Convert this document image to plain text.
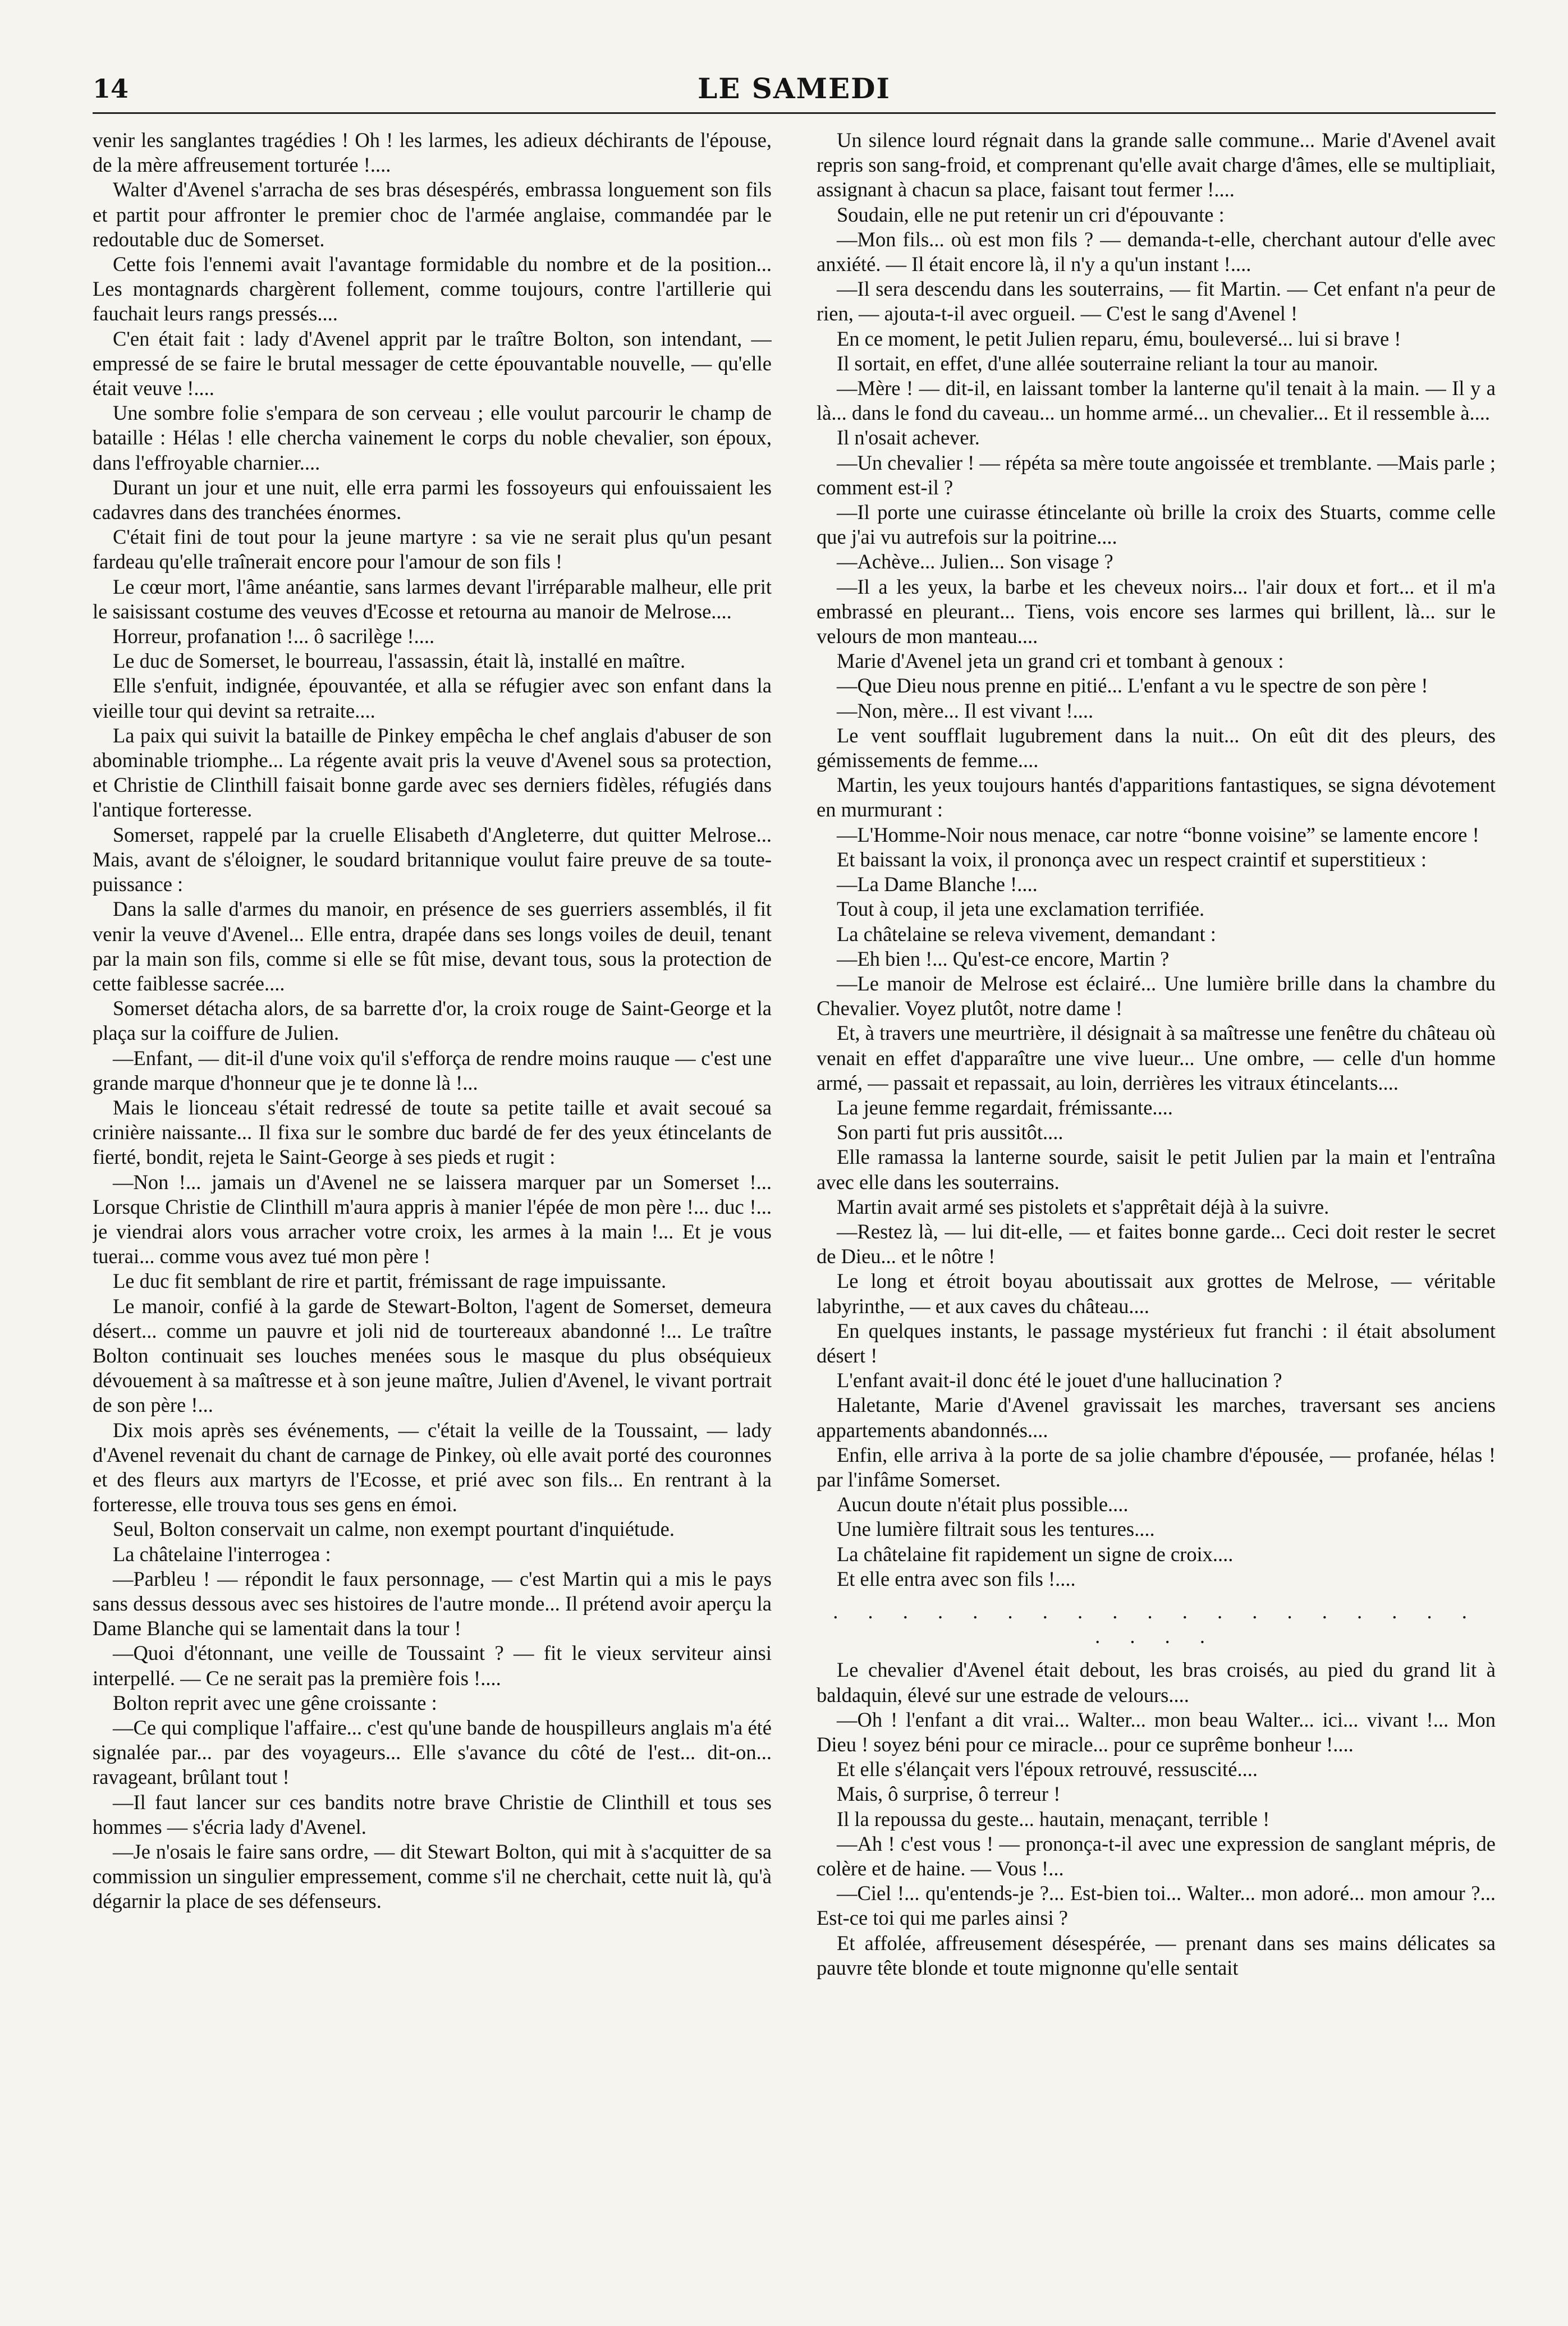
14	LE SAMEDI

venir les sanglantes tragédies ! Oh ! les larmes, les adieux déchirants de l'épouse, de la mère affreusement torturée !....

Walter d'Avenel s'arracha de ses bras désespérés, embrassa longuement son fils et partit pour affronter le premier choc de l'armée anglaise, commandée par le redoutable duc de Somerset.

Cette fois l'ennemi avait l'avantage formidable du nombre et de la position... Les montagnards chargèrent follement, comme toujours, contre l'artillerie qui fauchait leurs rangs pressés....

C'en était fait : lady d'Avenel apprit par le traître Bolton, son intendant, — empressé de se faire le brutal messager de cette épouvantable nouvelle, — qu'elle était veuve !....

Une sombre folie s'empara de son cerveau ; elle voulut parcourir le champ de bataille : Hélas ! elle chercha vainement le corps du noble chevalier, son époux, dans l'effroyable charnier....

Durant un jour et une nuit, elle erra parmi les fossoyeurs qui enfouissaient les cadavres dans des tranchées énormes.

C'était fini de tout pour la jeune martyre : sa vie ne serait plus qu'un pesant fardeau qu'elle traînerait encore pour l'amour de son fils !

Le cœur mort, l'âme anéantie, sans larmes devant l'irréparable malheur, elle prit le saisissant costume des veuves d'Ecosse et retourna au manoir de Melrose....

Horreur, profanation !... ô sacrilège !....

Le duc de Somerset, le bourreau, l'assassin, était là, installé en maître.

Elle s'enfuit, indignée, épouvantée, et alla se réfugier avec son enfant dans la vieille tour qui devint sa retraite....

La paix qui suivit la bataille de Pinkey empêcha le chef anglais d'abuser de son abominable triomphe... La régente avait pris la veuve d'Avenel sous sa protection, et Christie de Clinthill faisait bonne garde avec ses derniers fidèles, réfugiés dans l'antique forteresse.

Somerset, rappelé par la cruelle Elisabeth d'Angleterre, dut quitter Melrose... Mais, avant de s'éloigner, le soudard britannique voulut faire preuve de sa toute-puissance :

Dans la salle d'armes du manoir, en présence de ses guerriers assemblés, il fit venir la veuve d'Avenel... Elle entra, drapée dans ses longs voiles de deuil, tenant par la main son fils, comme si elle se fût mise, devant tous, sous la protection de cette faiblesse sacrée....

Somerset détacha alors, de sa barrette d'or, la croix rouge de Saint-George et la plaça sur la coiffure de Julien.

—Enfant, — dit-il d'une voix qu'il s'efforça de rendre moins rauque — c'est une grande marque d'honneur que je te donne là !...

Mais le lionceau s'était redressé de toute sa petite taille et avait secoué sa crinière naissante... Il fixa sur le sombre duc bardé de fer des yeux étincelants de fierté, bondit, rejeta le Saint-George à ses pieds et rugit :

—Non !... jamais un d'Avenel ne se laissera marquer par un Somerset !... Lorsque Christie de Clinthill m'aura appris à manier l'épée de mon père !... duc !... je viendrai alors vous arracher votre croix, les armes à la main !... Et je vous tuerai... comme vous avez tué mon père !

Le duc fit semblant de rire et partit, frémissant de rage impuissante.

Le manoir, confié à la garde de Stewart-Bolton, l'agent de Somerset, demeura désert... comme un pauvre et joli nid de tourtereaux abandonné !... Le traître Bolton continuait ses louches menées sous le masque du plus obséquieux dévouement à sa maîtresse et à son jeune maître, Julien d'Avenel, le vivant portrait de son père !...

Dix mois après ses événements, — c'était la veille de la Toussaint, — lady d'Avenel revenait du chant de carnage de Pinkey, où elle avait porté des couronnes et des fleurs aux martyrs de l'Ecosse, et prié avec son fils... En rentrant à la forteresse, elle trouva tous ses gens en émoi.

Seul, Bolton conservait un calme, non exempt pourtant d'inquiétude.

La châtelaine l'interrogea :

—Parbleu ! — répondit le faux personnage, — c'est Martin qui a mis le pays sans dessus dessous avec ses histoires de l'autre monde... Il prétend avoir aperçu la Dame Blanche qui se lamentait dans la tour !

—Quoi d'étonnant, une veille de Toussaint ? — fit le vieux serviteur ainsi interpellé. — Ce ne serait pas la première fois !....

Bolton reprit avec une gêne croissante :

—Ce qui complique l'affaire... c'est qu'une bande de houspilleurs anglais m'a été signalée par... par des voyageurs... Elle s'avance du côté de l'est... dit-on... ravageant, brûlant tout !

—Il faut lancer sur ces bandits notre brave Christie de Clinthill et tous ses hommes — s'écria lady d'Avenel.

—Je n'osais le faire sans ordre, — dit Stewart Bolton, qui mit à s'acquitter de sa commission un singulier empressement, comme s'il ne cherchait, cette nuit là, qu'à dégarnir la place de ses défenseurs.

Un silence lourd régnait dans la grande salle commune... Marie d'Avenel avait repris son sang-froid, et comprenant qu'elle avait charge d'âmes, elle se multipliait, assignant à chacun sa place, faisant tout fermer !....

Soudain, elle ne put retenir un cri d'épouvante :

—Mon fils... où est mon fils ? — demanda-t-elle, cherchant autour d'elle avec anxiété. — Il était encore là, il n'y a qu'un instant !....

—Il sera descendu dans les souterrains, — fit Martin. — Cet enfant n'a peur de rien, — ajouta-t-il avec orgueil. — C'est le sang d'Avenel !

En ce moment, le petit Julien reparu, ému, bouleversé... lui si brave !

Il sortait, en effet, d'une allée souterraine reliant la tour au manoir.

—Mère ! — dit-il, en laissant tomber la lanterne qu'il tenait à la main. — Il y a là... dans le fond du caveau... un homme armé... un chevalier... Et il ressemble à....

Il n'osait achever.

—Un chevalier ! — répéta sa mère toute angoissée et tremblante. —Mais parle ; comment est-il ?

—Il porte une cuirasse étincelante où brille la croix des Stuarts, comme celle que j'ai vu autrefois sur la poitrine....

—Achève... Julien... Son visage ?

—Il a les yeux, la barbe et les cheveux noirs... l'air doux et fort... et il m'a embrassé en pleurant... Tiens, vois encore ses larmes qui brillent, là... sur le velours de mon manteau....

Marie d'Avenel jeta un grand cri et tombant à genoux :

—Que Dieu nous prenne en pitié... L'enfant a vu le spectre de son père !

—Non, mère... Il est vivant !....

Le vent soufflait lugubrement dans la nuit... On eût dit des pleurs, des gémissements de femme....

Martin, les yeux toujours hantés d'apparitions fantastiques, se signa dévotement en murmurant :

—L'Homme-Noir nous menace, car notre “bonne voisine” se lamente encore !

Et baissant la voix, il prononça avec un respect craintif et superstitieux :

—La Dame Blanche !....

Tout à coup, il jeta une exclamation terrifiée.

La châtelaine se releva vivement, demandant :

—Eh bien !... Qu'est-ce encore, Martin ?

—Le manoir de Melrose est éclairé... Une lumière brille dans la chambre du Chevalier. Voyez plutôt, notre dame !

Et, à travers une meurtrière, il désignait à sa maîtresse une fenêtre du château où venait en effet d'apparaître une vive lueur... Une ombre, — celle d'un homme armé, — passait et repassait, au loin, derrières les vitraux étincelants....

La jeune femme regardait, frémissante....

Son parti fut pris aussitôt....

Elle ramassa la lanterne sourde, saisit le petit Julien par la main et l'entraîna avec elle dans les souterrains.

Martin avait armé ses pistolets et s'apprêtait déjà à la suivre.

—Restez là, — lui dit-elle, — et faites bonne garde... Ceci doit rester le secret de Dieu... et le nôtre !

Le long et étroit boyau aboutissait aux grottes de Melrose, — véritable labyrinthe, — et aux caves du château....

En quelques instants, le passage mystérieux fut franchi : il était absolument désert !

L'enfant avait-il donc été le jouet d'une hallucination ?

Haletante, Marie d'Avenel gravissait les marches, traversant ses anciens appartements abandonnés....

Enfin, elle arriva à la porte de sa jolie chambre d'épousée, — profanée, hélas ! par l'infâme Somerset.

Aucun doute n'était plus possible....

Une lumière filtrait sous les tentures....

La châtelaine fit rapidement un signe de croix....

Et elle entra avec son fils !....

. . . . . . . . . . . . . . . . . . . . . . .

Le chevalier d'Avenel était debout, les bras croisés, au pied du grand lit à baldaquin, élevé sur une estrade de velours....

—Oh ! l'enfant a dit vrai... Walter... mon beau Walter... ici... vivant !... Mon Dieu ! soyez béni pour ce miracle... pour ce suprême bonheur !....

Et elle s'élançait vers l'époux retrouvé, ressuscité....

Mais, ô surprise, ô terreur !

Il la repoussa du geste... hautain, menaçant, terrible !

—Ah ! c'est vous ! — prononça-t-il avec une expression de sanglant mépris, de colère et de haine. — Vous !...

—Ciel !... qu'entends-je ?... Est-bien toi... Walter... mon adoré... mon amour ?... Est-ce toi qui me parles ainsi ?

Et affolée, affreusement désespérée, — prenant dans ses mains délicates sa pauvre tête blonde et toute mignonne qu'elle sentait
